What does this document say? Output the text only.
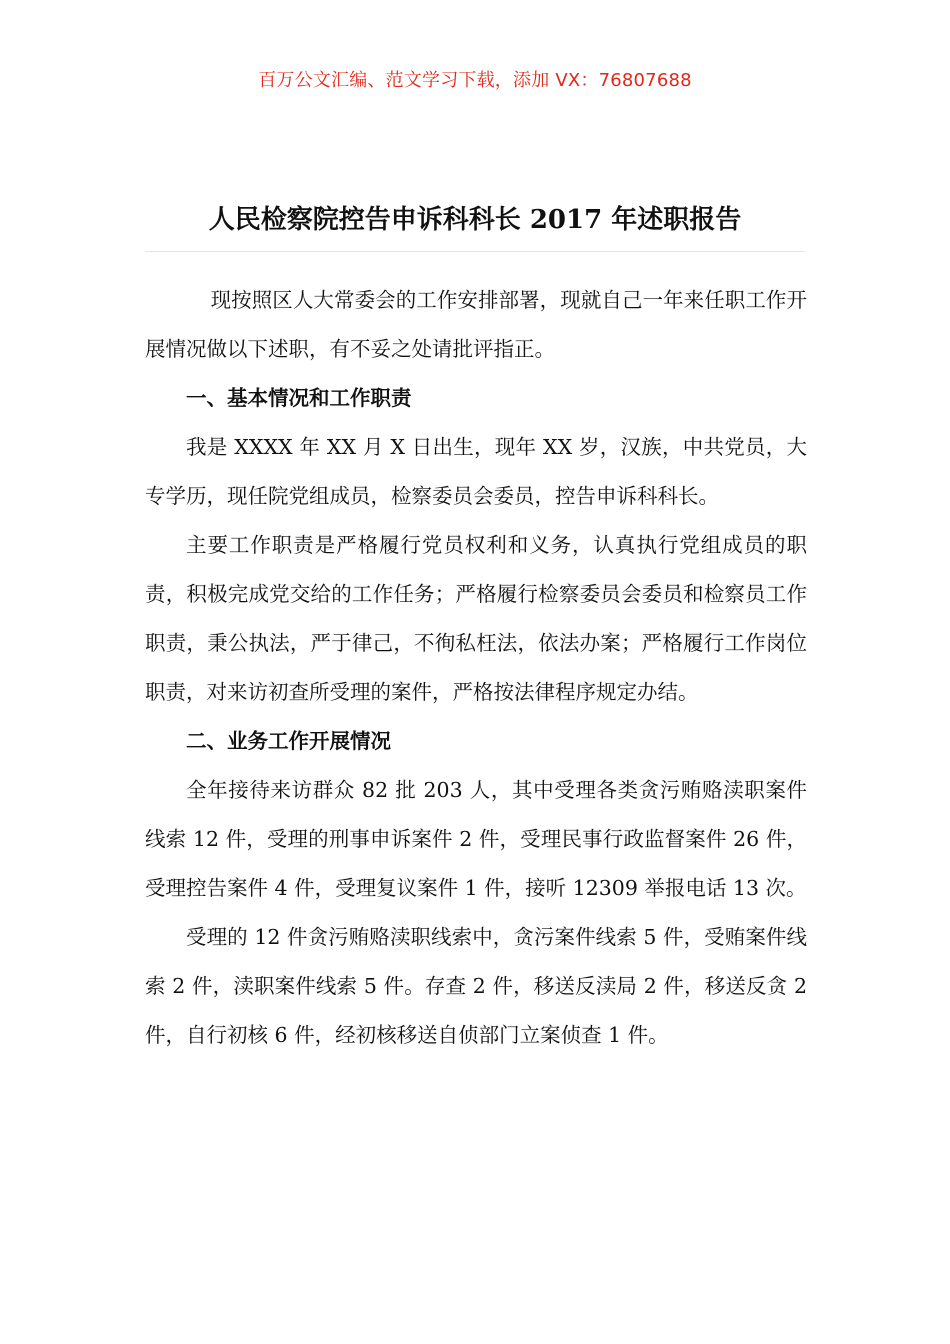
百万公文汇编、范文学习下载，添加 VX：76807688
人民检察院控告申诉科科长 2017 年述职报告

现按照区人大常委会的工作安排部署，现就自己一年来任职工作开展情况做以下述职，有不妥之处请批评指正。

一、基本情况和工作职责

我是 XXXX 年 XX 月 X 日出生，现年 XX 岁，汉族，中共党员，大专学历，现任院党组成员，检察委员会委员，控告申诉科科长。

主要工作职责是严格履行党员权利和义务，认真执行党组成员的职责，积极完成党交给的工作任务；严格履行检察委员会委员和检察员工作职责，秉公执法，严于律己，不徇私枉法，依法办案；严格履行工作岗位职责，对来访初查所受理的案件，严格按法律程序规定办结。

二、业务工作开展情况

全年接待来访群众 82 批 203 人，其中受理各类贪污贿赂渎职案件线索 12 件，受理的刑事申诉案件 2 件，受理民事行政监督案件 26 件，受理控告案件 4 件，受理复议案件 1 件，接听 12309 举报电话 13 次。

受理的 12 件贪污贿赂渎职线索中，贪污案件线索 5 件，受贿案件线索 2 件，渎职案件线索 5 件。存查 2 件，移送反渎局 2 件，移送反贪 2 件，自行初核 6 件，经初核移送自侦部门立案侦查 1 件。
